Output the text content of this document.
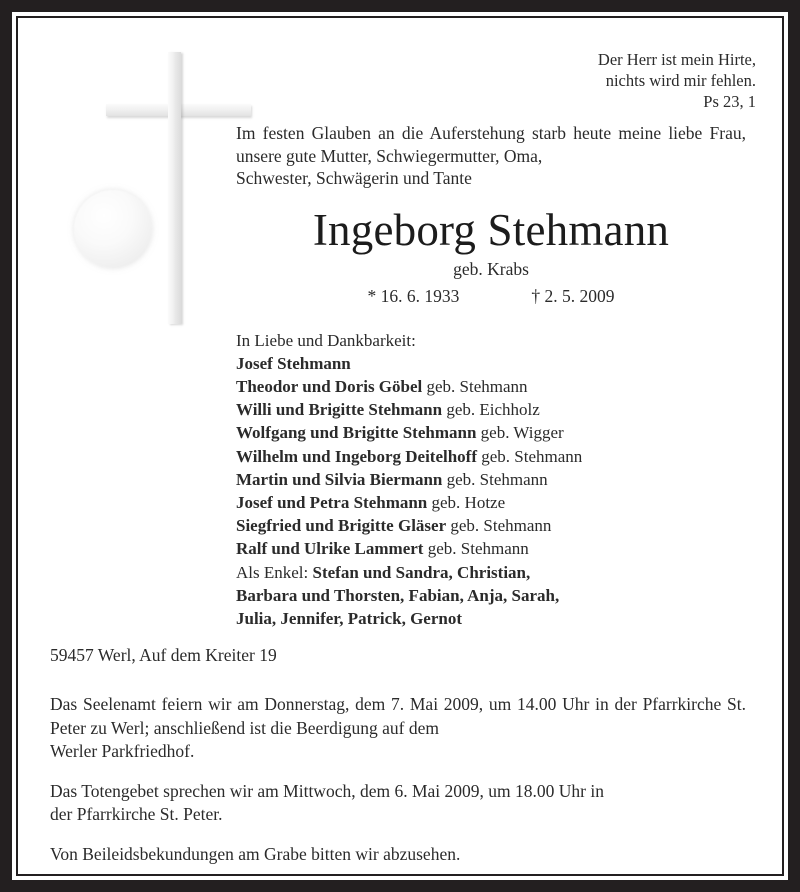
Der Herr ist mein Hirte,
nichts wird mir fehlen.
Ps 23, 1

Im festen Glauben an die Auferstehung starb heute meine liebe Frau, unsere gute Mutter, Schwiegermutter, Oma,
Schwester, Schwägerin und Tante

Ingeborg Stehmann
geb. Krabs
* 16. 6. 1933	† 2. 5. 2009
In Liebe und Dankbarkeit:
Josef Stehmann
Theodor und Doris Göbel geb. Stehmann
Willi und Brigitte Stehmann geb. Eichholz
Wolfgang und Brigitte Stehmann geb. Wigger
Wilhelm und Ingeborg Deitelhoff geb. Stehmann
Martin und Silvia Biermann geb. Stehmann
Josef und Petra Stehmann geb. Hotze
Siegfried und Brigitte Gläser geb. Stehmann
Ralf und Ulrike Lammert geb. Stehmann
Als Enkel: Stefan und Sandra, Christian,
Barbara und Thorsten, Fabian, Anja, Sarah,
Julia, Jennifer, Patrick, Gernot

59457 Werl, Auf dem Kreiter 19

Das Seelenamt feiern wir am Donnerstag, dem 7. Mai 2009, um 14.00 Uhr in der Pfarrkirche St. Peter zu Werl; anschließend ist die Beerdigung auf dem
Werler Parkfriedhof.

Das Totengebet sprechen wir am Mittwoch, dem 6. Mai 2009, um 18.00 Uhr in
der Pfarrkirche St. Peter.

Von Beileidsbekundungen am Grabe bitten wir abzusehen.
